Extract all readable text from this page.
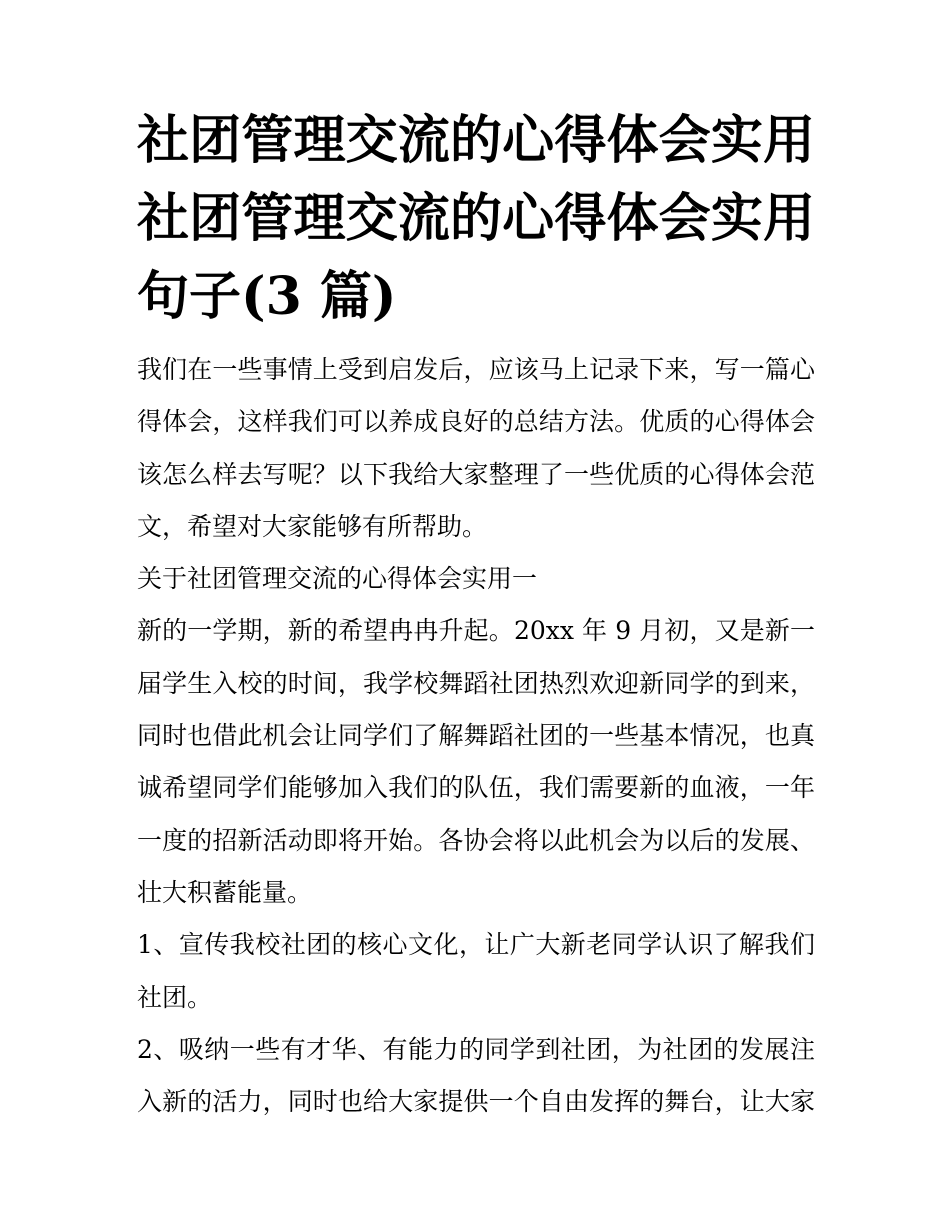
社团管理交流的心得体会实用
社团管理交流的心得体会实用
句子(3 篇)
我们在一些事情上受到启发后，应该马上记录下来，写一篇心
得体会，这样我们可以养成良好的总结方法。优质的心得体会
该怎么样去写呢？以下我给大家整理了一些优质的心得体会范
文，希望对大家能够有所帮助。
关于社团管理交流的心得体会实用一
新的一学期，新的希望冉冉升起。20xx 年 9 月初，又是新一
届学生入校的时间，我学校舞蹈社团热烈欢迎新同学的到来，
同时也借此机会让同学们了解舞蹈社团的一些基本情况，也真
诚希望同学们能够加入我们的队伍，我们需要新的血液，一年
一度的招新活动即将开始。各协会将以此机会为以后的发展、
壮大积蓄能量。
1、宣传我校社团的核心文化，让广大新老同学认识了解我们
社团。
2、吸纳一些有才华、有能力的同学到社团，为社团的发展注
入新的活力，同时也给大家提供一个自由发挥的舞台，让大家
